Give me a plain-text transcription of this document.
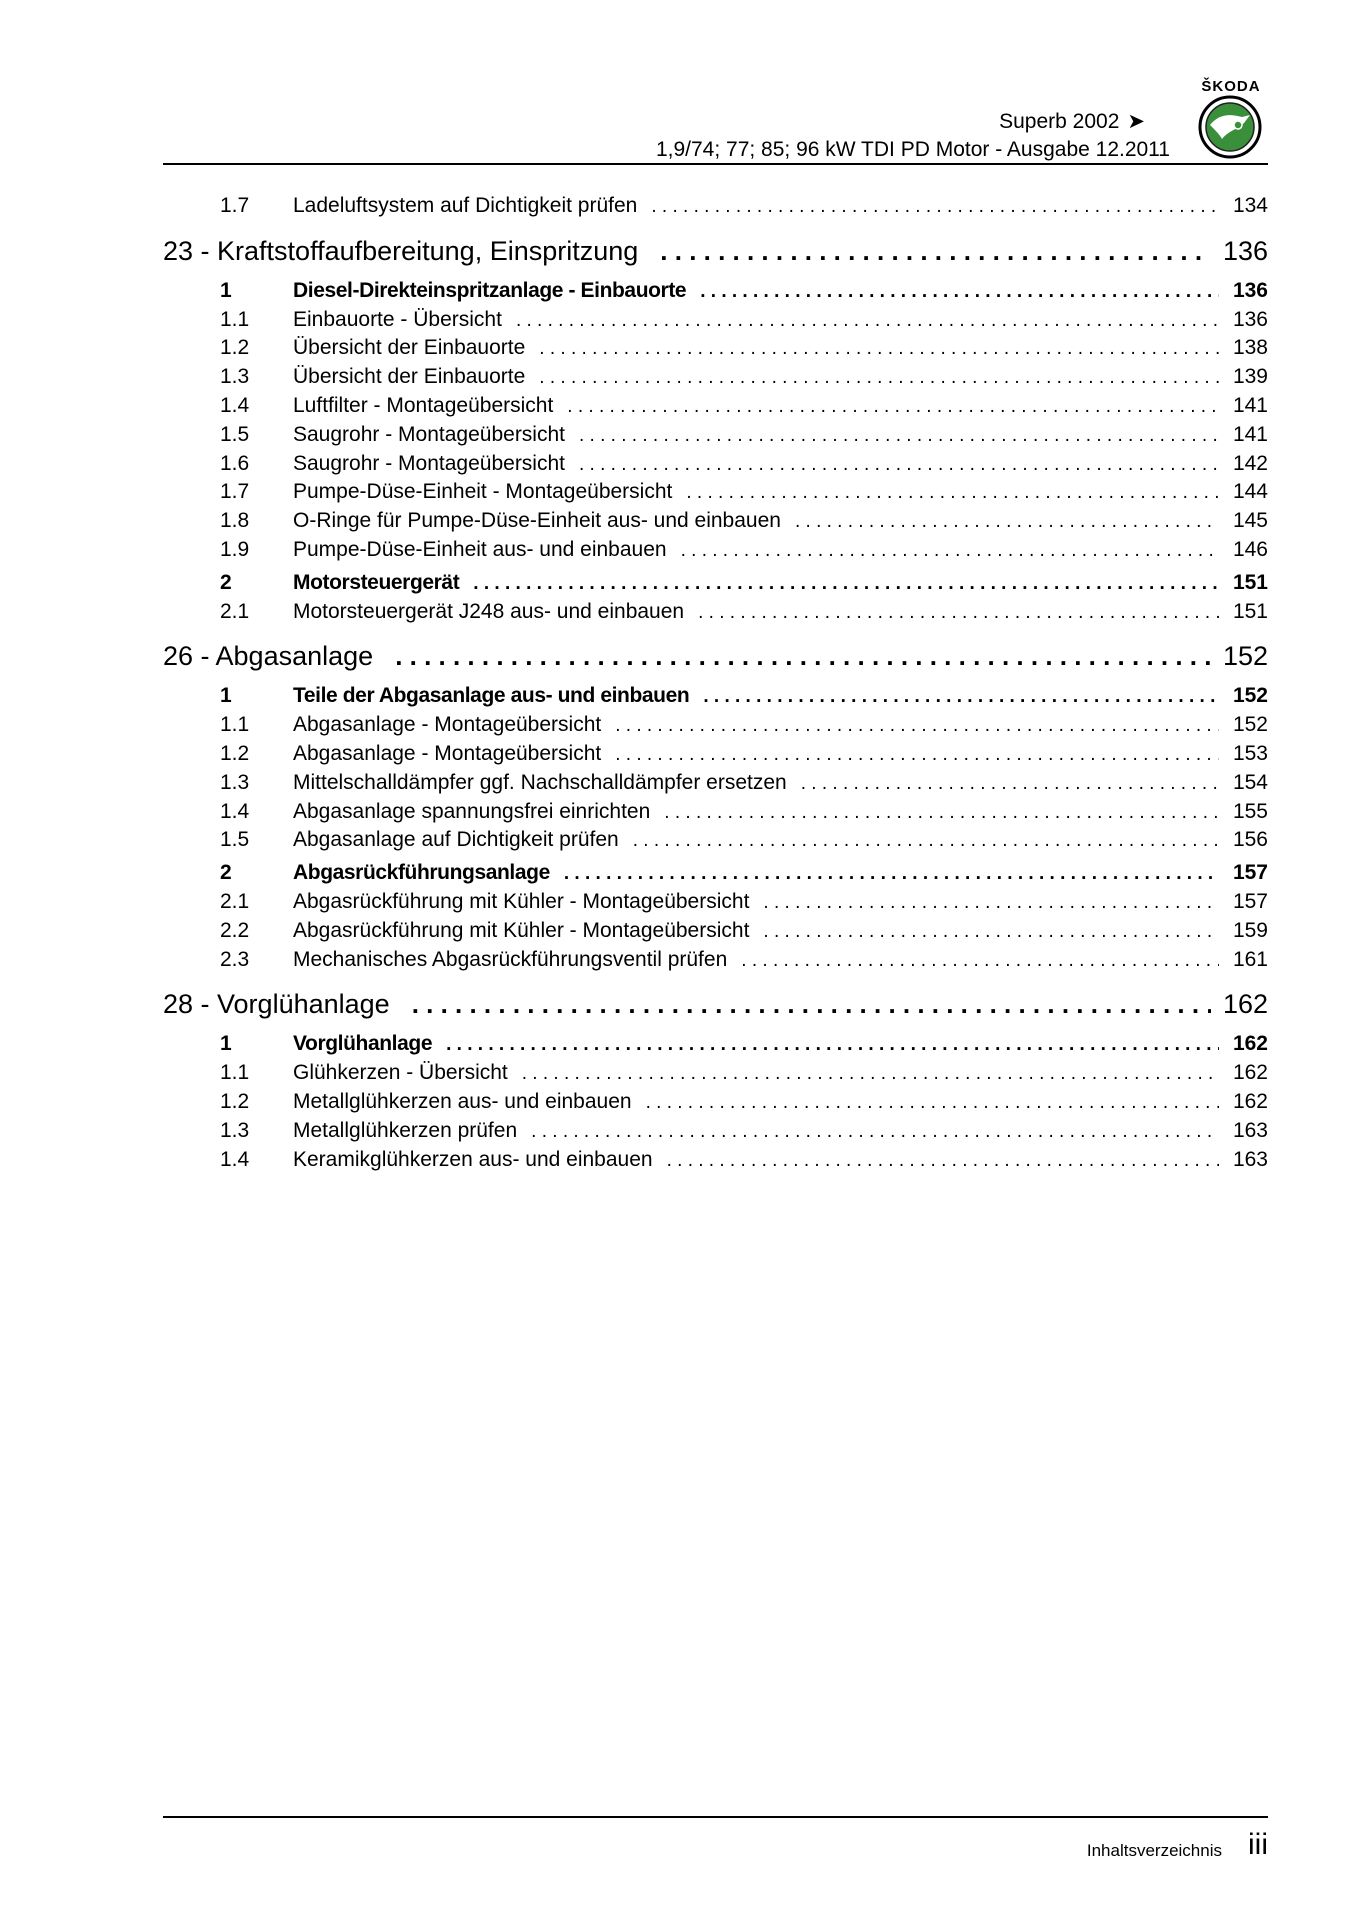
Superb 2002 ➤
1,9/74; 77; 85; 96 kW TDI PD Motor - Ausgabe 12.2011
ŠKODA
1.7 Ladeluftsystem auf Dichtigkeit prüfen . . .	134
23 - Kraftstoffaufbereitung, Einspritzung . . .	136
1	Diesel-Direkteinspritzanlage - Einbauorte . . .	136
1.1 Einbauorte - Übersicht . . .	136
1.2 Übersicht der Einbauorte . . .	138
1.3 Übersicht der Einbauorte . . .	139
1.4 Luftfilter - Montageübersicht . . .	141
1.5 Saugrohr - Montageübersicht . . .	141
1.6 Saugrohr - Montageübersicht . . .	142
1.7 Pumpe-Düse-Einheit - Montageübersicht . . .	144
1.8 O-Ringe für Pumpe-Düse-Einheit aus- und einbauen . . .	145
1.9 Pumpe-Düse-Einheit aus- und einbauen . . .	146
2	Motorsteuergerät . . .	151
2.1 Motorsteuergerät J248 aus- und einbauen . . .	151
26 - Abgasanlage . . .	152
1	Teile der Abgasanlage aus- und einbauen . . .	152
1.1 Abgasanlage - Montageübersicht . . .	152
1.2 Abgasanlage - Montageübersicht . . .	153
1.3 Mittelschalldämpfer ggf. Nachschalldämpfer ersetzen . . .	154
1.4 Abgasanlage spannungsfrei einrichten . . .	155
1.5 Abgasanlage auf Dichtigkeit prüfen . . .	156
2	Abgasrückführungsanlage . . .	157
2.1 Abgasrückführung mit Kühler - Montageübersicht . . .	157
2.2 Abgasrückführung mit Kühler - Montageübersicht . . .	159
2.3 Mechanisches Abgasrückführungsventil prüfen . . .	161
28 - Vorglühanlage . . .	162
1	Vorglühanlage . . .	162
1.1 Glühkerzen - Übersicht . . .	162
1.2 Metallglühkerzen aus- und einbauen . . .	162
1.3 Metallglühkerzen prüfen . . .	163
1.4 Keramikglühkerzen aus- und einbauen . . .	163
Inhaltsverzeichnis iii
